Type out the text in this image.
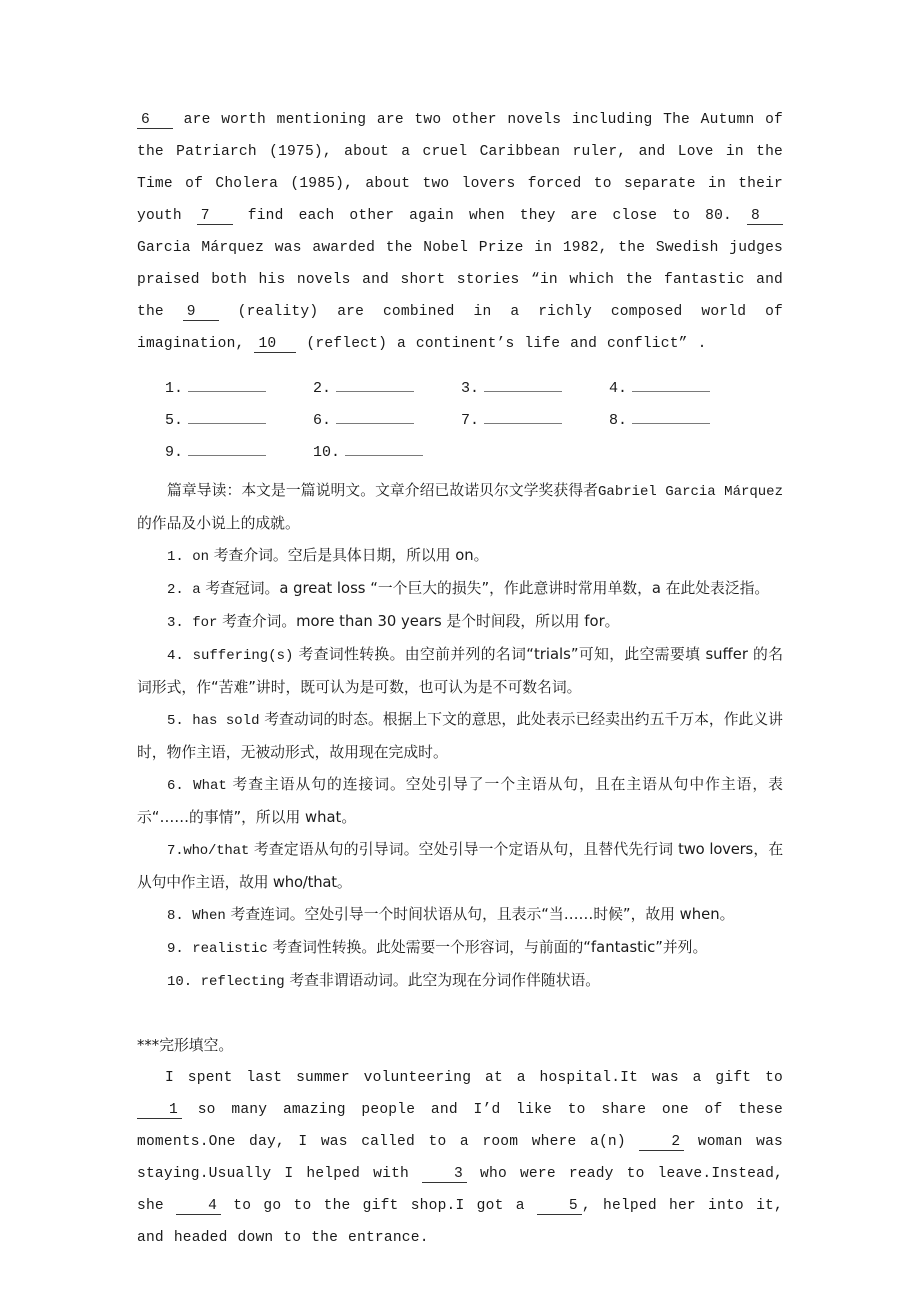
6 are worth mentioning are two other novels including The Autumn of the Patriarch (1975), about a cruel Caribbean ruler, and Love in the Time of Cholera (1985), about two lovers forced to separate in their youth 7 find each other again when they are close to 80. 8 Garcia Márquez was awarded the Nobel Prize in 1982, the Swedish judges praised both his novels and short stories “in which the fantastic and the 9 (reality) are combined in a richly composed world of imagination, 10 (reflect) a continent’s life and conflict” .

1.	2.	3.	4.
5.	6.	7.	8.
9.	10.

篇章导读：本文是一篇说明文。文章介绍已故诺贝尔文学奖获得者Gabriel Garcia Márquez的作品及小说上的成就。

1. on 考查介词。空后是具体日期，所以用 on。

2. a 考查冠词。a great loss “一个巨大的损失”，作此意讲时常用单数，a 在此处表泛指。

3. for 考查介词。more than 30 years 是个时间段，所以用 for。

4. suffering(s) 考查词性转换。由空前并列的名词“trials”可知，此空需要填 suffer 的名词形式，作“苦难”讲时，既可认为是可数，也可认为是不可数名词。

5. has sold 考查动词的时态。根据上下文的意思，此处表示已经卖出约五千万本，作此义讲时，物作主语，无被动形式，故用现在完成时。

6. What 考查主语从句的连接词。空处引导了一个主语从句，且在主语从句中作主语，表示“……的事情”，所以用 what。

7.who/that 考查定语从句的引导词。空处引导一个定语从句，且替代先行词 two lovers，在从句中作主语，故用 who/that。

8. When 考查连词。空处引导一个时间状语从句，且表示“当……时候”，故用 when。

9. realistic 考查词性转换。此处需要一个形容词，与前面的“fantastic”并列。

10. reflecting 考查非谓语动词。此空为现在分词作伴随状语。

***完形填空。

I spent last summer volunteering at a hospital.It was a gift to 1 so many amazing people and I’d like to share one of these moments.One day, I was called to a room where a(n) 2 woman was staying.Usually I helped with 3 who were ready to leave.Instead, she 4 to go to the gift shop.I got a 5 , helped her into it, and headed down to the entrance.
